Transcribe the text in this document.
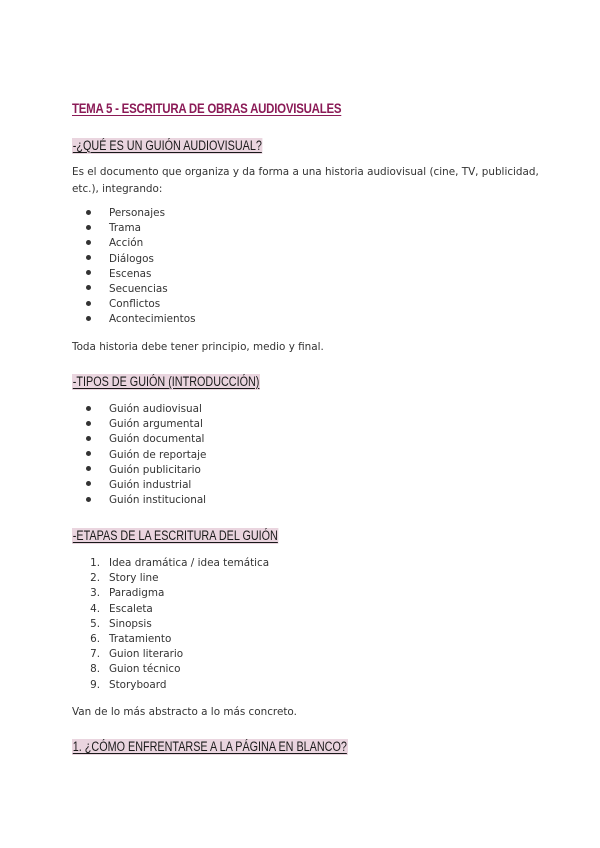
TEMA 5 - ESCRITURA DE OBRAS AUDIOVISUALES
-¿QUÉ ES UN GUIÓN AUDIOVISUAL?
Es el documento que organiza y da forma a una historia audiovisual (cine, TV, publicidad,
etc.), integrando:
Personajes
Trama
Acción
Diálogos
Escenas
Secuencias
Conflictos
Acontecimientos
Toda historia debe tener principio, medio y final.
-TIPOS DE GUIÓN (INTRODUCCIÓN)
Guión audiovisual
Guión argumental
Guión documental
Guión de reportaje
Guión publicitario
Guión industrial
Guión institucional
-ETAPAS DE LA ESCRITURA DEL GUIÓN
1. Idea dramática / idea temática
2. Story line
3. Paradigma
4. Escaleta
5. Sinopsis
6. Tratamiento
7. Guion literario
8. Guion técnico
9. Storyboard
Van de lo más abstracto a lo más concreto.
1. ¿CÓMO ENFRENTARSE A LA PÁGINA EN BLANCO?
